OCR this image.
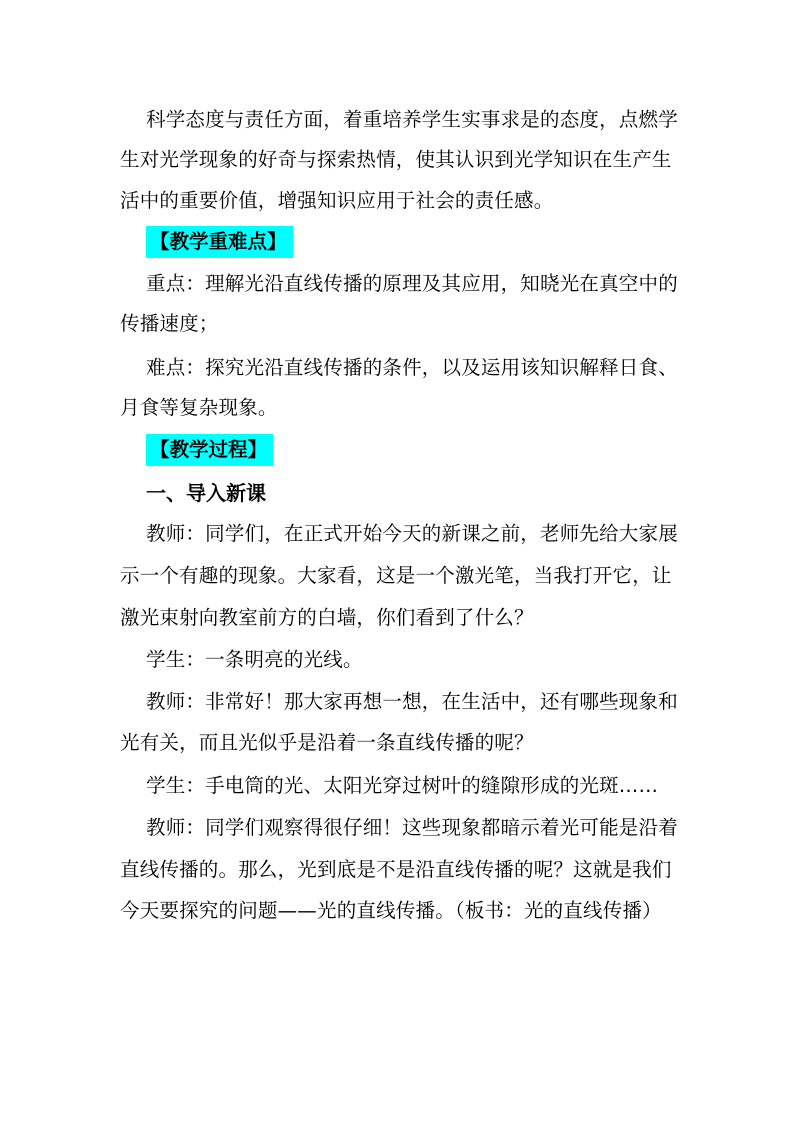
科学态度与责任方面，着重培养学生实事求是的态度，点燃学
生对光学现象的好奇与探索热情，使其认识到光学知识在生产生
活中的重要价值，增强知识应用于社会的责任感。
【教学重难点】
重点：理解光沿直线传播的原理及其应用，知晓光在真空中的
传播速度；
难点：探究光沿直线传播的条件，以及运用该知识解释日食、
月食等复杂现象。
【教学过程】
一、导入新课
教师：同学们，在正式开始今天的新课之前，老师先给大家展
示一个有趣的现象。大家看，这是一个激光笔，当我打开它，让
激光束射向教室前方的白墙，你们看到了什么？
学生：一条明亮的光线。
教师：非常好！那大家再想一想，在生活中，还有哪些现象和
光有关，而且光似乎是沿着一条直线传播的呢？
学生：手电筒的光、太阳光穿过树叶的缝隙形成的光斑……
教师：同学们观察得很仔细！这些现象都暗示着光可能是沿着
直线传播的。那么，光到底是不是沿直线传播的呢？这就是我们
今天要探究的问题——光的直线传播。（板书：光的直线传播）
